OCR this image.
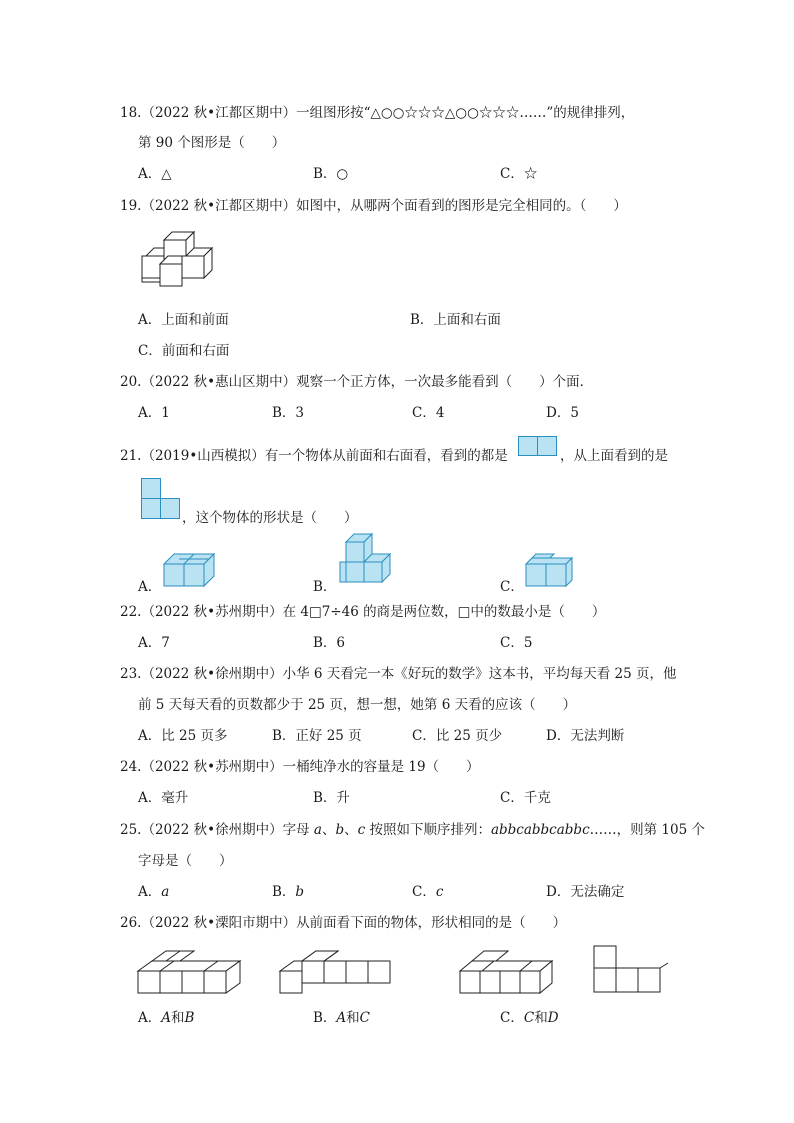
18.（2022 秋•江都区期中）一组图形按“△○○☆☆☆△○○☆☆☆……”的规律排列，
第 90 个图形是（　　）
A．△	B．○	C．☆
19.（2022 秋•江都区期中）如图中，从哪两个面看到的图形是完全相同的。（　　）
A．上面和前面	B．上面和右面
C．前面和右面
20.（2022 秋•惠山区期中）观察一个正方体，一次最多能看到（　　）个面．
A．1	B．3	C．4	D．5
21.（2019•山西模拟）有一个物体从前面和右面看，看到的都是	，从上面看到的是
，这个物体的形状是（　　）
A．	B．	C．
22.（2022 秋•苏州期中）在 4□7÷46 的商是两位数，□中的数最小是（　　）
A．7	B．6	C．5
23.（2022 秋•徐州期中）小华 6 天看完一本《好玩的数学》这本书，平均每天看 25 页，他
前 5 天每天看的页数都少于 25 页，想一想，她第 6 天看的应该（　　）
A．比 25 页多	B．正好 25 页	C．比 25 页少	D．无法判断
24.（2022 秋•苏州期中）一桶纯净水的容量是 19（　　）
A．毫升	B．升	C．千克
25.（2022 秋•徐州期中）字母 a、b、c 按照如下顺序排列：abbcabbcabbc……，则第 105 个
字母是（　　）
A．a	B．b	C．c	D．无法确定
26.（2022 秋•溧阳市期中）从前面看下面的物体，形状相同的是（　　）
A．A和B	B．A和C	C．C和D
